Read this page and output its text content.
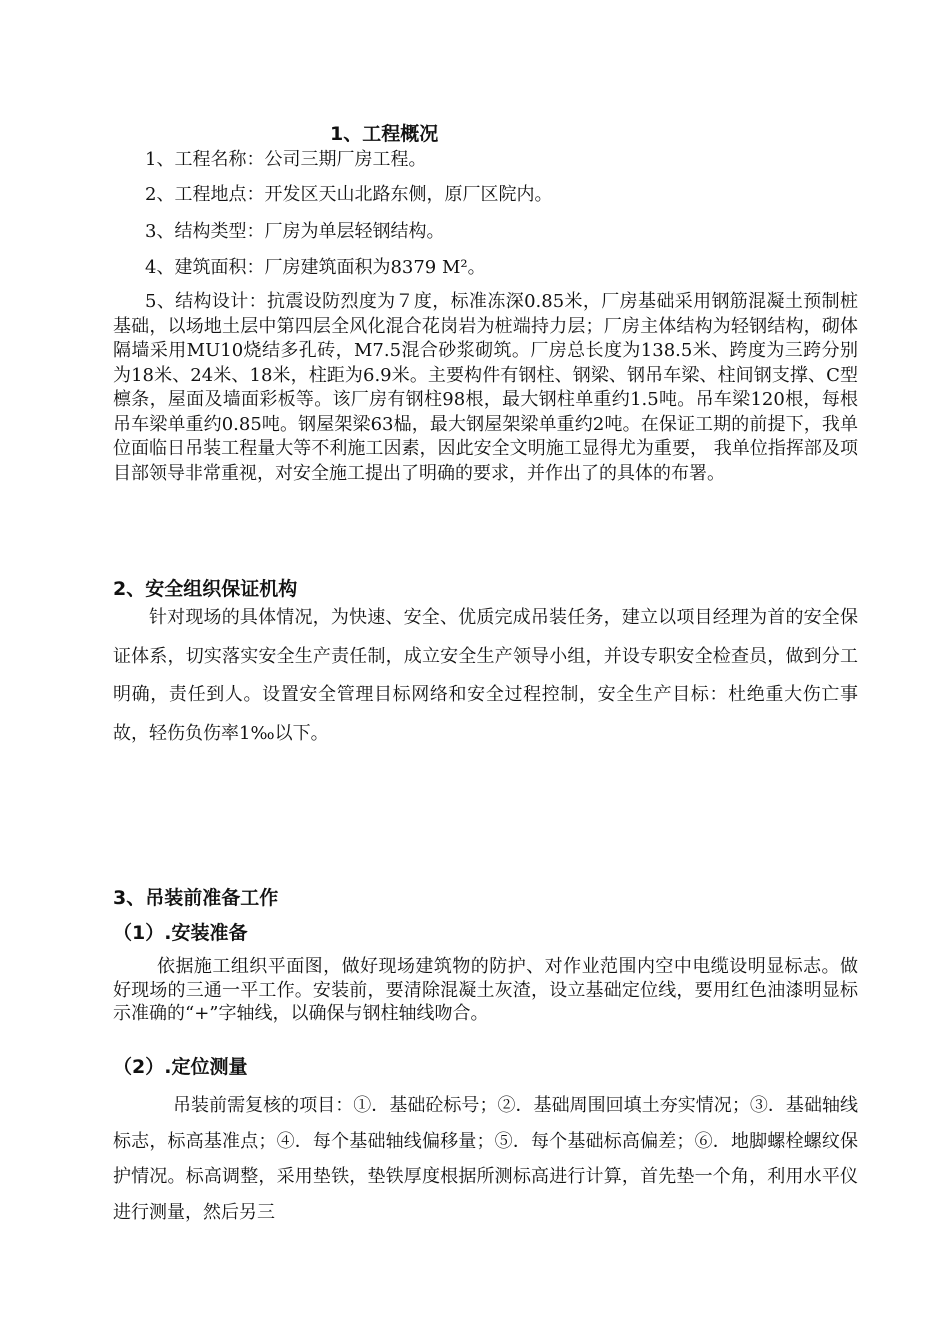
1、工程概况
1、工程名称：公司三期厂房工程。
2、工程地点：开发区天山北路东侧，原厂区院内。
3、结构类型：厂房为单层轻钢结构。
4、建筑面积：厂房建筑面积为8379 M²。
5、结构设计：抗震设防烈度为７度，标准冻深0.85米，厂房基础采用钢筋混凝土预制桩基础，以场地土层中第四层全风化混合花岗岩为桩端持力层；厂房主体结构为轻钢结构，砌体隔墙采用MU10烧结多孔砖，M7.5混合砂浆砌筑。厂房总长度为138.5米、跨度为三跨分别为18米、24米、18米，柱距为6.9米。主要构件有钢柱、钢梁、钢吊车梁、柱间钢支撑、C型檩条，屋面及墙面彩板等。该厂房有钢柱98根，最大钢柱单重约1.5吨。吊车梁120根，每根吊车梁单重约0.85吨。钢屋架梁63榀，最大钢屋架梁单重约2吨。在保证工期的前提下，我单位面临日吊装工程量大等不利施工因素，因此安全文明施工显得尤为重要， 我单位指挥部及项目部领导非常重视，对安全施工提出了明确的要求，并作出了的具体的布署。
2、安全组织保证机构
针对现场的具体情况，为快速、安全、优质完成吊装任务，建立以项目经理为首的安全保证体系，切实落实安全生产责任制，成立安全生产领导小组，并设专职安全检查员，做到分工明确，责任到人。设置安全管理目标网络和安全过程控制，安全生产目标：杜绝重大伤亡事故，轻伤负伤率1‰以下。
3、吊装前准备工作
（1）.安装准备
依据施工组织平面图，做好现场建筑物的防护、对作业范围内空中电缆设明显标志。做好现场的三通一平工作。安装前，要清除混凝土灰渣，设立基础定位线，要用红色油漆明显标示准确的“+”字轴线，以确保与钢柱轴线吻合。
（2）.定位测量
吊装前需复核的项目：①．基础砼标号；②．基础周围回填土夯实情况；③．基础轴线标志，标高基准点；④．每个基础轴线偏移量；⑤．每个基础标高偏差；⑥．地脚螺栓螺纹保护情况。标高调整，采用垫铁，垫铁厚度根据所测标高进行计算，首先垫一个角，利用水平仪进行测量，然后另三
